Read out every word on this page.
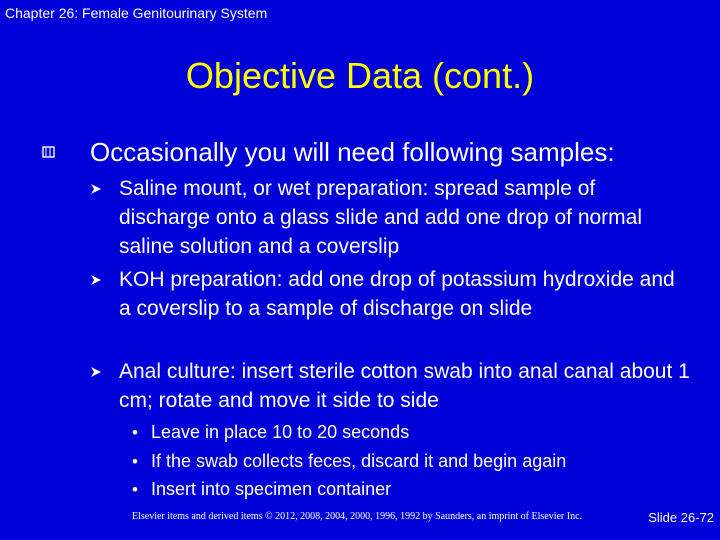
Chapter 26: Female Genitourinary System
Objective Data (cont.)
Occasionally you will need following samples:
Saline mount, or wet preparation: spread sample of discharge onto a glass slide and add one drop of normal saline solution and a coverslip
KOH preparation: add one drop of potassium hydroxide and a coverslip to a sample of discharge on slide
Anal culture: insert sterile cotton swab into anal canal about 1 cm; rotate and move it side to side
• Leave in place 10 to 20 seconds
• If the swab collects feces, discard it and begin again
• Insert into specimen container
Elsevier items and derived items © 2012, 2008, 2004, 2000, 1996, 1992 by Saunders, an imprint of Elsevier Inc.	Slide 26-72
